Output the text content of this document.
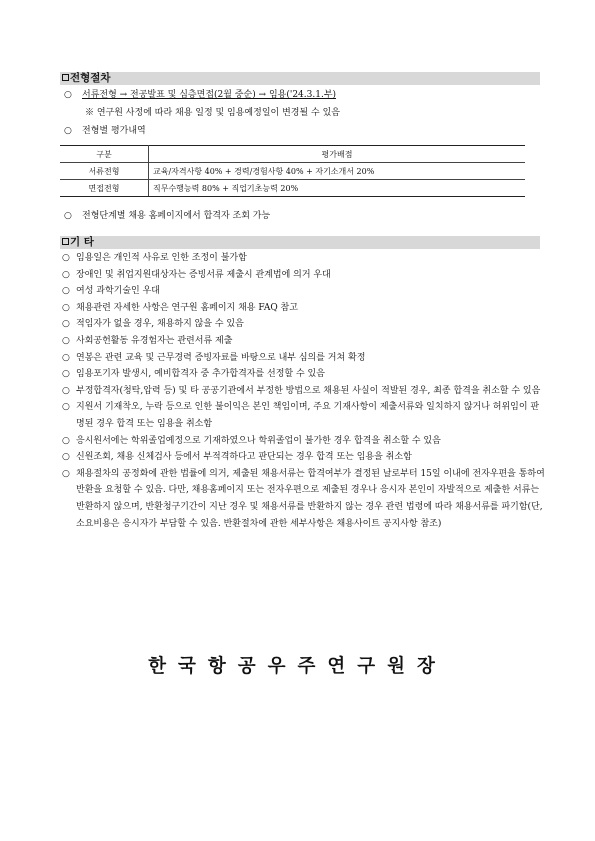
전형절차
○ 서류전형 → 전공발표 및 심층면접(2월 중순) → 임용('24.3.1.부)
※ 연구원 사정에 따라 채용 일정 및 임용예정일이 변경될 수 있음
○ 전형별 평가내역
구분	평가배점
서류전형	교육/자격사항 40% + 경력/경험사항 40% + 자기소개서 20%
면접전형	직무수행능력 80% + 직업기초능력 20%
○ 전형단계별 채용 홈페이지에서 합격자 조회 가능
기 타
○ 임용일은 개인적 사유로 인한 조정이 불가함
○ 장애인 및 취업지원대상자는 증빙서류 제출시 관계법에 의거 우대
○ 여성 과학기술인 우대
○ 채용관련 자세한 사항은 연구원 홈페이지 채용 FAQ 참고
○ 적임자가 없을 경우, 채용하지 않을 수 있음
○ 사회공헌활동 유경험자는 관련서류 제출
○ 연봉은 관련 교육 및 근무경력 증빙자료를 바탕으로 내부 심의를 거쳐 확정
○ 임용포기자 발생시, 예비합격자 중 추가합격자를 선정할 수 있음
○ 부정합격자(청탁,압력 등) 및 타 공공기관에서 부정한 방법으로 채용된 사실이 적발된 경우, 최종 합격을 취소할 수 있음
○ 지원서 기재착오, 누락 등으로 인한 불이익은 본인 책임이며, 주요 기재사항이 제출서류와 일치하지 않거나 허위임이 판명된 경우 합격 또는 임용을 취소함
○ 응시원서에는 학위졸업예정으로 기재하였으나 학위졸업이 불가한 경우 합격을 취소할 수 있음
○ 신원조회, 채용 신체검사 등에서 부적격하다고 판단되는 경우 합격 또는 임용을 취소함
○ 채용절차의 공정화에 관한 법률에 의거, 제출된 채용서류는 합격여부가 결정된 날로부터 15일 이내에 전자우편을 통하여 반환을 요청할 수 있음. 다만, 채용홈페이지 또는 전자우편으로 제출된 경우나 응시자 본인이 자발적으로 제출한 서류는 반환하지 않으며, 반환청구기간이 지난 경우 및 채용서류를 반환하지 않는 경우 관련 법령에 따라 채용서류를 파기함(단, 소요비용은 응시자가 부담할 수 있음. 반환절차에 관한 세부사항은 채용사이트 공지사항 참조)
한국항공우주연구원장
